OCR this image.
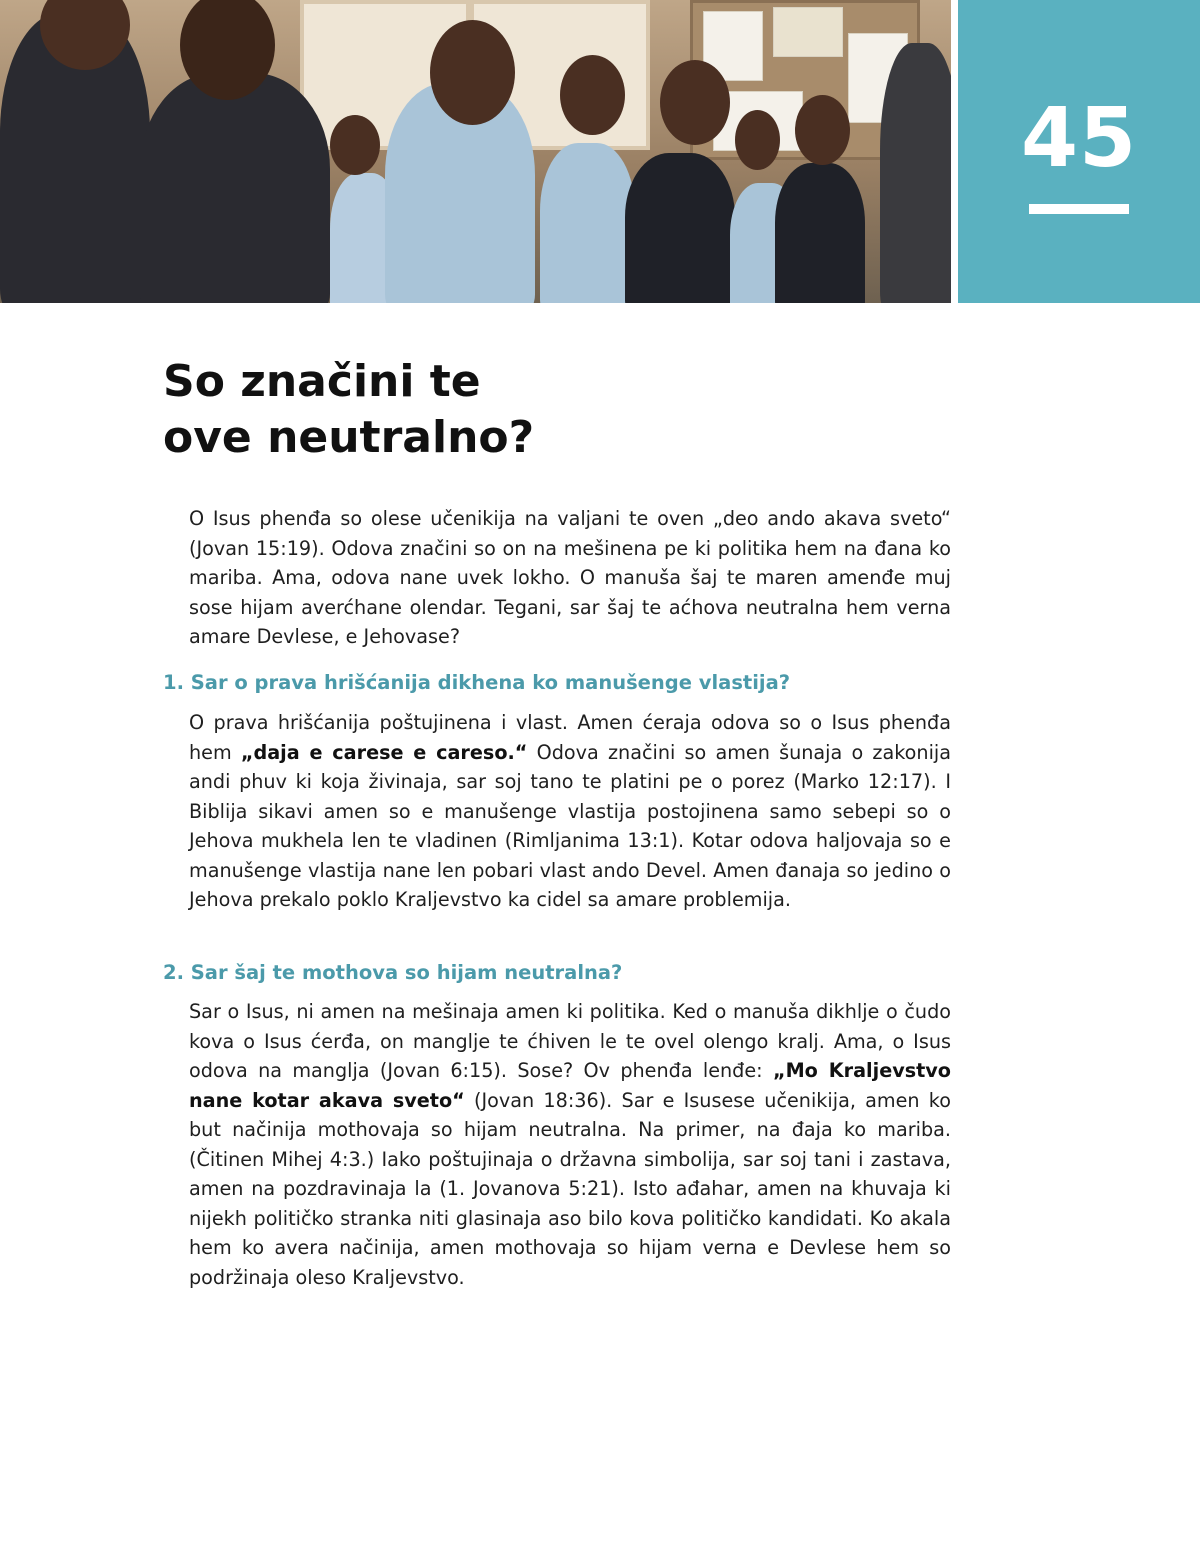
45
So značini te
ove neutralno?

O Isus phenđa so olese učenikija na valjani te oven „deo ando akava sveto“ (Jovan 15:19). Odova značini so on na mešinena pe ki politika hem na đana ko mariba. Ama, odova nane uvek lokho. O manuša šaj te maren amenđe muj sose hijam averćhane olendar. Tegani, sar šaj te aćhova neutralna hem verna amare Devlese, e Jehovase?

1. Sar o prava hrišćanija dikhena ko manušenge vlastija?

O prava hrišćanija poštujinena i vlast. Amen ćeraja odova so o Isus phenđa hem „daja e carese e careso.“ Odova značini so amen šunaja o zakonija andi phuv ki koja živinaja, sar soj tano te platini pe o porez (Marko 12:17). I Biblija sikavi amen so e manušenge vlastija postojinena samo sebepi so o Jehova mukhela len te vladinen (Rimljanima 13:1). Kotar odova haljovaja so e manušenge vlastija nane len pobari vlast ando Devel. Amen đanaja so jedino o Jehova prekalo poklo Kraljevstvo ka cidel sa amare problemija.

2. Sar šaj te mothova so hijam neutralna?

Sar o Isus, ni amen na mešinaja amen ki politika. Ked o manuša dikhlje o čudo kova o Isus ćerđa, on manglje te ćhiven le te ovel olengo kralj. Ama, o Isus odova na manglja (Jovan 6:15). Sose? Ov phenđa lenđe: „Mo Kraljevstvo nane kotar akava sveto“ (Jovan 18:36). Sar e Isusese učenikija, amen ko but načinija mothovaja so hijam neutralna. Na primer, na đaja ko mariba. (Čitinen Mihej 4:3.) Iako poštujinaja o državna simbolija, sar soj tani i zastava, amen na pozdravinaja la (1. Jovanova 5:21). Isto ađahar, amen na khuvaja ki nijekh političko stranka niti glasinaja aso bilo kova političko kandidati. Ko akala hem ko avera načinija, amen mothovaja so hijam verna e Devlese hem so podržinaja oleso Kraljevstvo.
